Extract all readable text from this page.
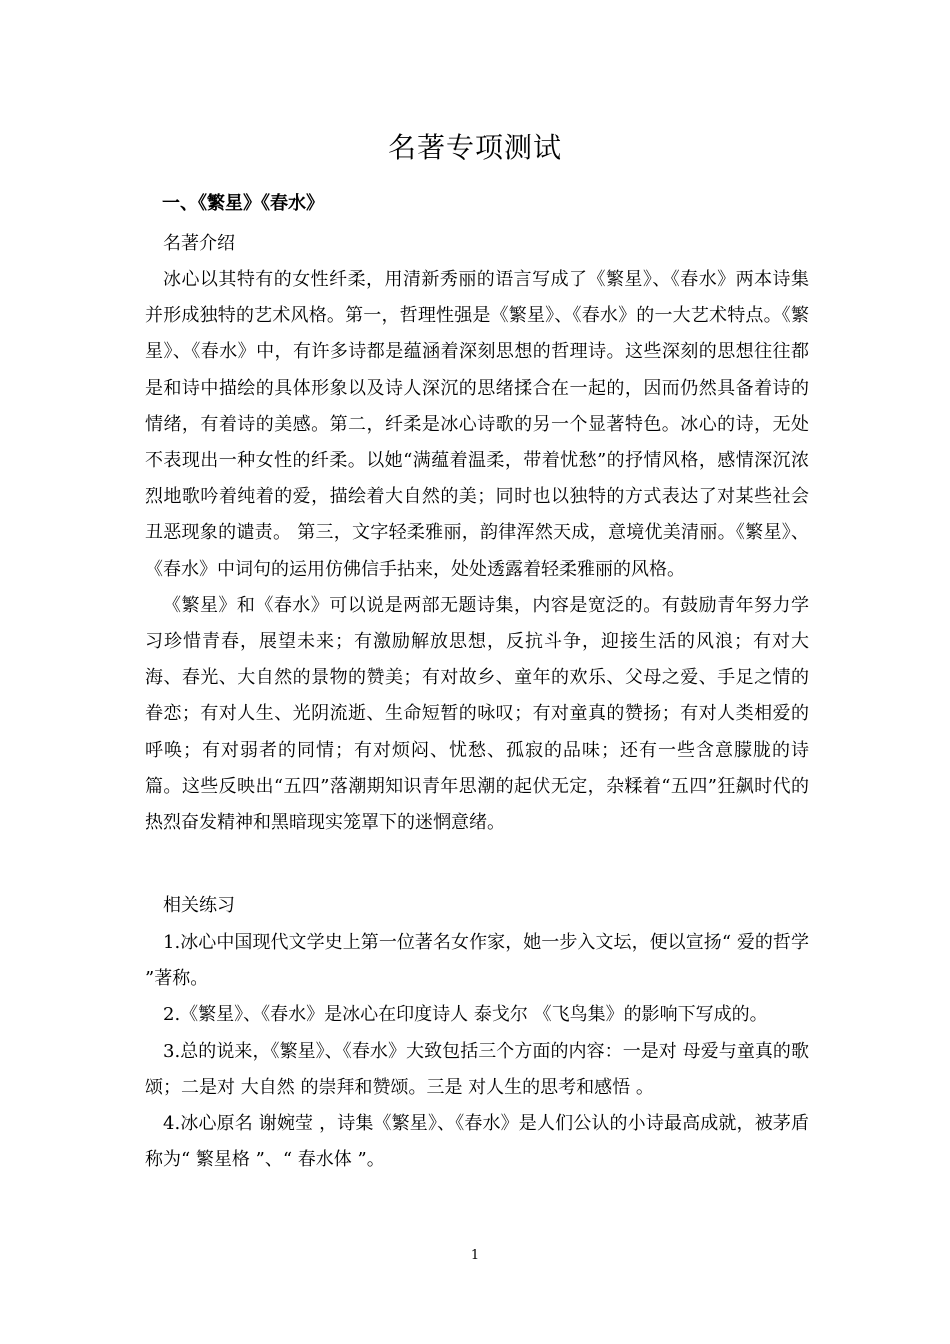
名著专项测试
一、《繁星》《春水》

名著介绍

冰心以其特有的女性纤柔，用清新秀丽的语言写成了《繁星》、《春水》两本诗集并形成独特的艺术风格。第一，哲理性强是《繁星》、《春水》的一大艺术特点。《繁星》、《春水》中，有许多诗都是蕴涵着深刻思想的哲理诗。这些深刻的思想往往都是和诗中描绘的具体形象以及诗人深沉的思绪揉合在一起的，因而仍然具备着诗的情绪，有着诗的美感。第二，纤柔是冰心诗歌的另一个显著特色。冰心的诗，无处不表现出一种女性的纤柔。以她“满蕴着温柔，带着忧愁”的抒情风格，感情深沉浓烈地歌吟着纯着的爱，描绘着大自然的美；同时也以独特的方式表达了对某些社会丑恶现象的谴责。 第三，文字轻柔雅丽，韵律浑然天成，意境优美清丽。《繁星》、《春水》中词句的运用仿佛信手拈来，处处透露着轻柔雅丽的风格。

《繁星》和《春水》可以说是两部无题诗集，内容是宽泛的。有鼓励青年努力学习珍惜青春，展望未来；有激励解放思想，反抗斗争，迎接生活的风浪；有对大海、春光、大自然的景物的赞美；有对故乡、童年的欢乐、父母之爱、手足之情的眷恋；有对人生、光阴流逝、生命短暂的咏叹；有对童真的赞扬；有对人类相爱的呼唤；有对弱者的同情；有对烦闷、忧愁、孤寂的品味；还有一些含意朦胧的诗篇。这些反映出“五四”落潮期知识青年思潮的起伏无定，杂糅着“五四”狂飙时代的热烈奋发精神和黑暗现实笼罩下的迷惘意绪。

相关练习

1.冰心中国现代文学史上第一位著名女作家，她一步入文坛，便以宣扬“ 爱的哲学 ”著称。

2.《繁星》、《春水》是冰心在印度诗人 泰戈尔 《飞鸟集》的影响下写成的。

3.总的说来，《繁星》、《春水》大致包括三个方面的内容：一是对 母爱与童真的歌颂；二是对 大自然 的崇拜和赞颂。三是 对人生的思考和感悟 。

4.冰心原名 谢婉莹 ，诗集《繁星》、《春水》是人们公认的小诗最高成就，被茅盾称为“ 繁星格 ”、“ 春水体 ”。

1
